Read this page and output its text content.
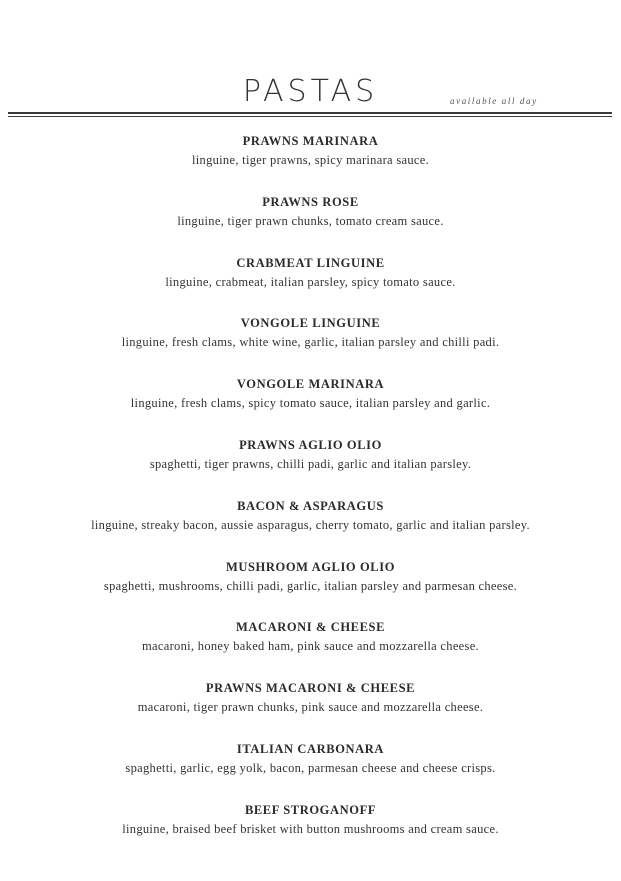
PASTAS	available all day
PRAWNS MARINARA
linguine, tiger prawns, spicy marinara sauce.
PRAWNS ROSE
linguine, tiger prawn chunks, tomato cream sauce.
CRABMEAT LINGUINE
linguine, crabmeat, italian parsley, spicy tomato sauce.
VONGOLE LINGUINE
linguine, fresh clams, white wine, garlic, italian parsley and chilli padi.
VONGOLE MARINARA
linguine, fresh clams, spicy tomato sauce, italian parsley and garlic.
PRAWNS AGLIO OLIO
spaghetti, tiger prawns, chilli padi, garlic and italian parsley.
BACON & ASPARAGUS
linguine, streaky bacon, aussie asparagus, cherry tomato, garlic and italian parsley.
MUSHROOM AGLIO OLIO
spaghetti, mushrooms, chilli padi, garlic, italian parsley and parmesan cheese.
MACARONI & CHEESE
macaroni, honey baked ham, pink sauce and mozzarella cheese.
PRAWNS MACARONI & CHEESE
macaroni, tiger prawn chunks, pink sauce and mozzarella cheese.
ITALIAN CARBONARA
spaghetti, garlic, egg yolk, bacon, parmesan cheese and cheese crisps.
BEEF STROGANOFF
linguine, braised beef brisket with button mushrooms and cream sauce.
